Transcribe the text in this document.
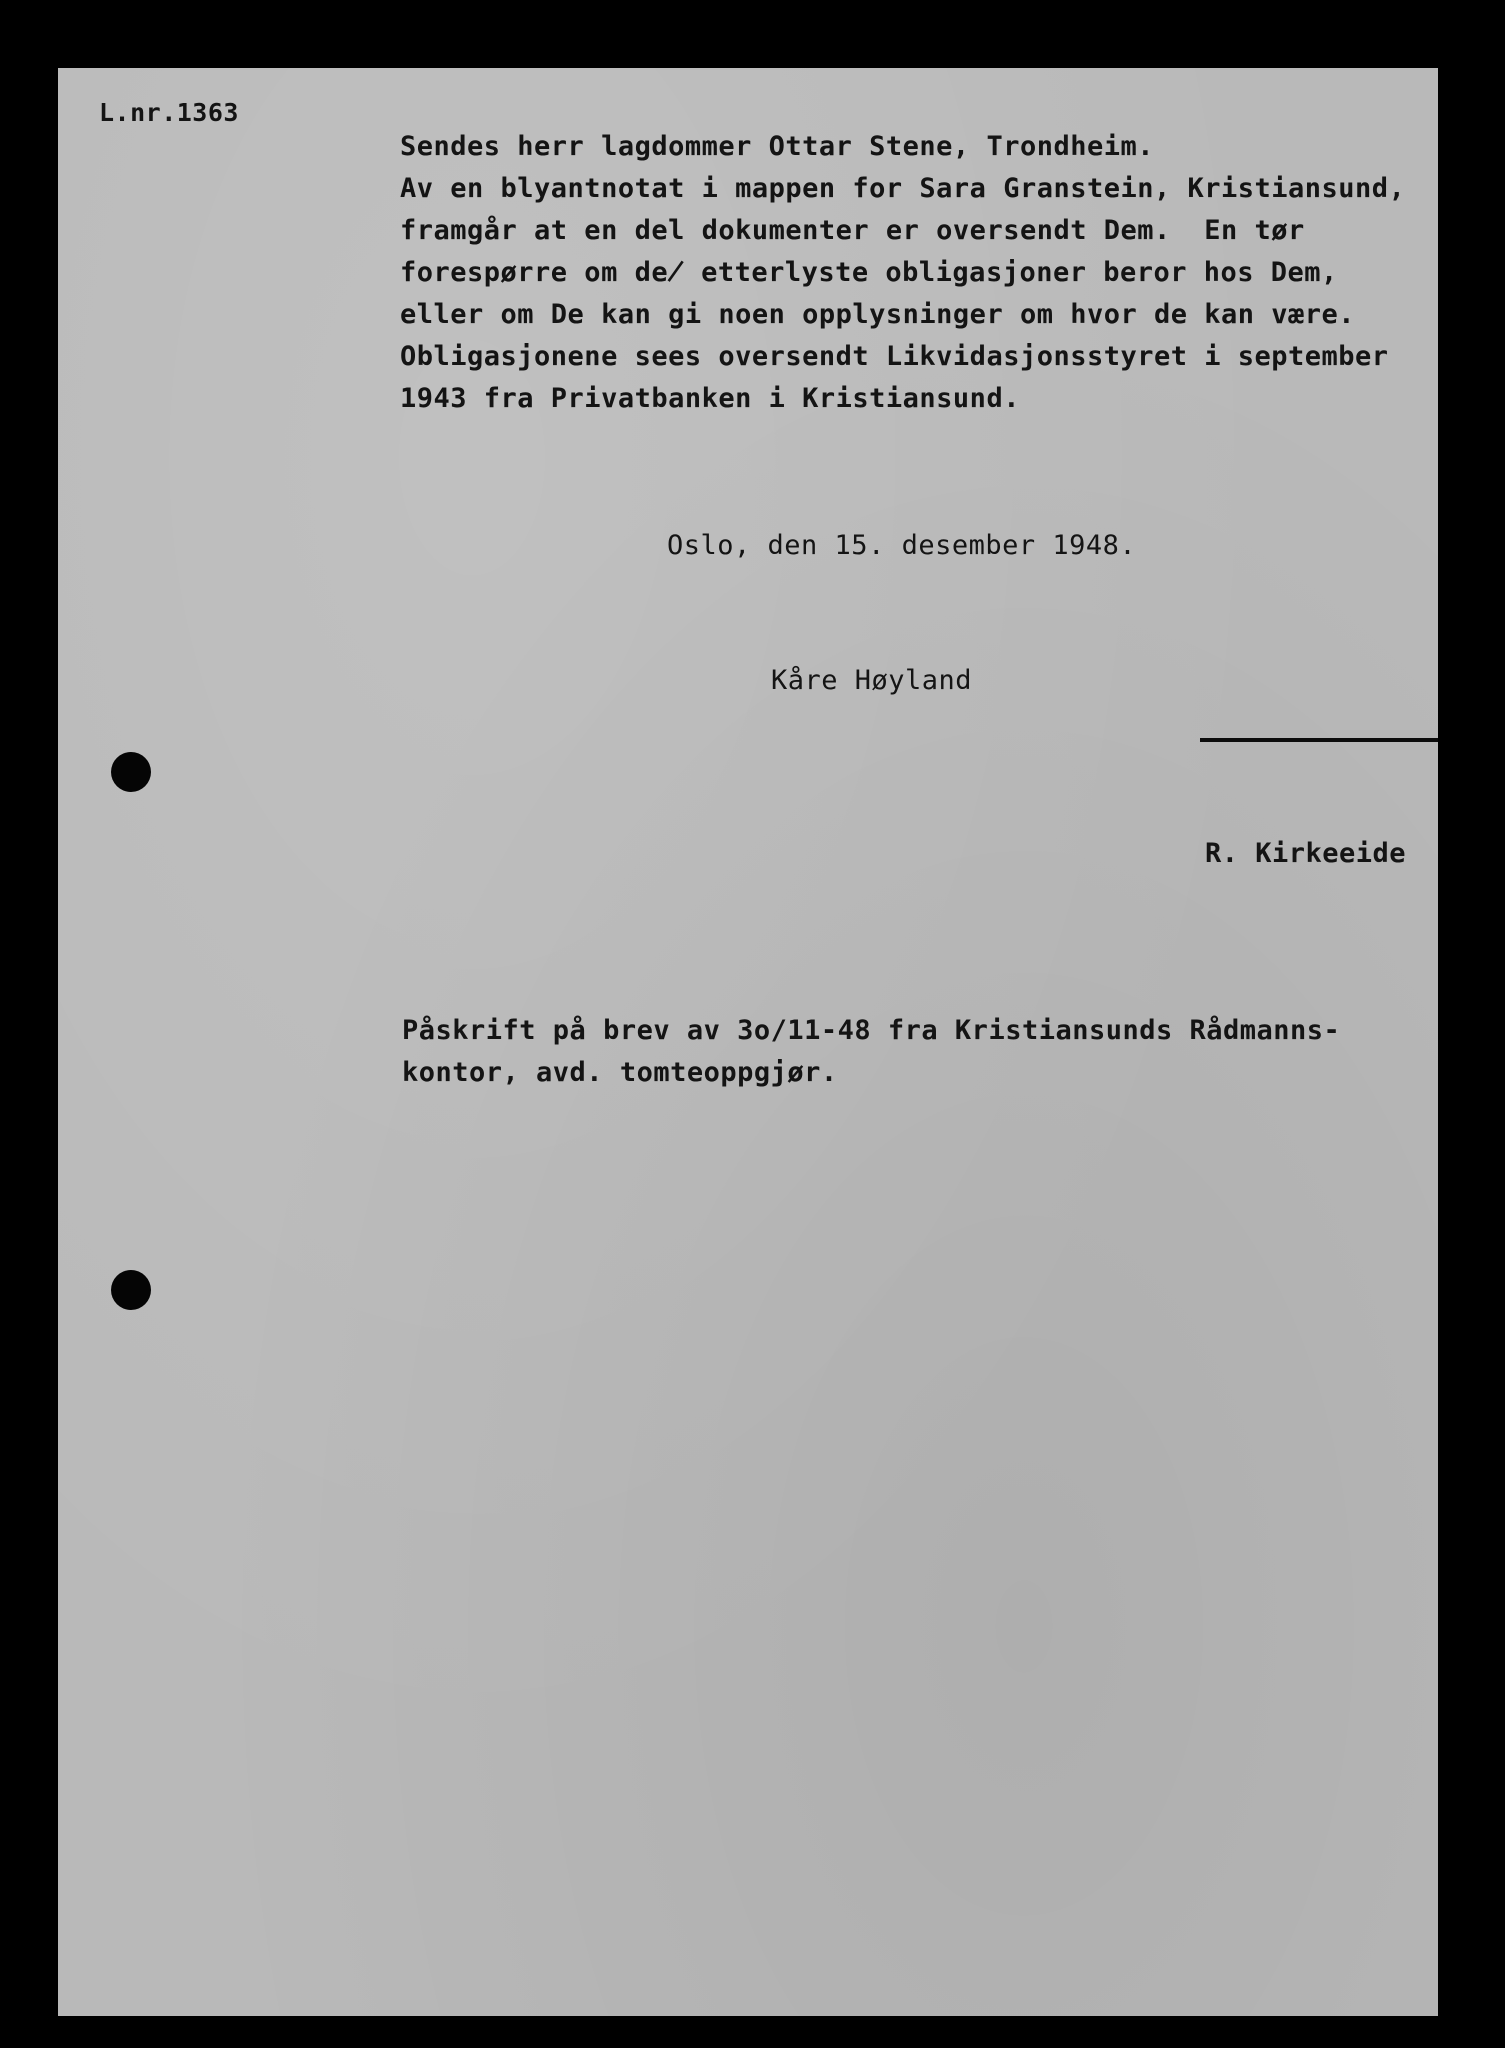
L.nr.1363
Sendes herr lagdommer Ottar Stene, Trondheim.
Av en blyantnotat i mappen for Sara Granstein, Kristiansund,
framgår at en del dokumenter er oversendt Dem.  En tør
forespørre om de̸ etterlyste obligasjoner beror hos Dem,
eller om De kan gi noen opplysninger om hvor de kan være.
Obligasjonene sees oversendt Likvidasjonsstyret i september
1943 fra Privatbanken i Kristiansund.
Oslo, den 15. desember 1948.
Kåre Høyland
R. Kirkeeide
Påskrift på brev av 3o/11-48 fra Kristiansunds Rådmanns-
kontor, avd. tomteoppgjør.
